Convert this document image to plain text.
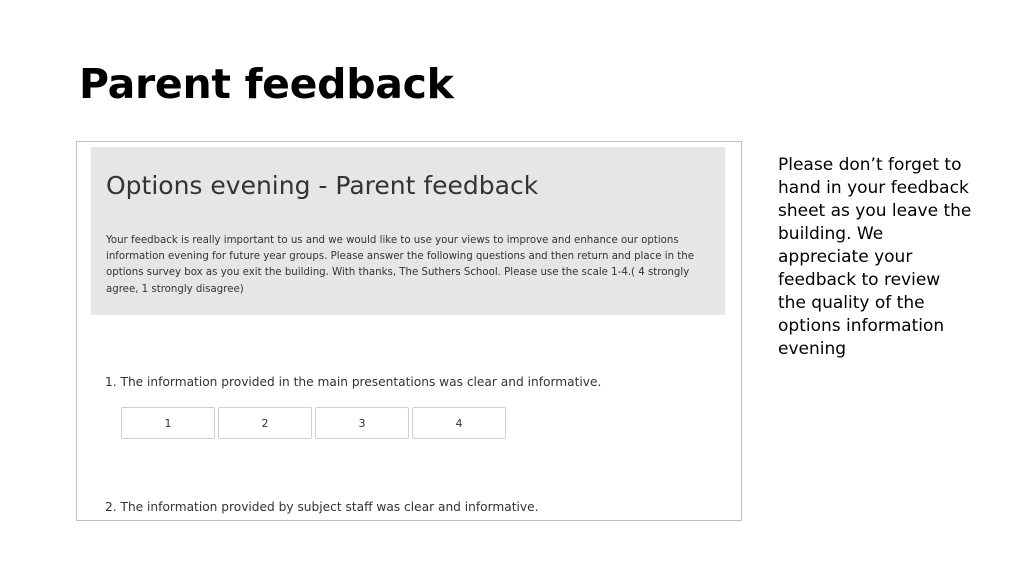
Parent feedback
Options evening - Parent feedback

Your feedback is really important to us and we would like to use your views to improve and enhance our options information evening for future year groups. Please answer the following questions and then return and place in the options survey box as you exit the building. With thanks, The Suthers School. Please use the scale 1-4.( 4 strongly agree, 1 strongly disagree)

1. The information provided in the main presentations was clear and informative.

1	2	3	4

2. The information provided by subject staff was clear and informative.

Please don’t forget to hand in your feedback sheet as you leave the building. We appreciate your feedback to review the quality of the options information evening
